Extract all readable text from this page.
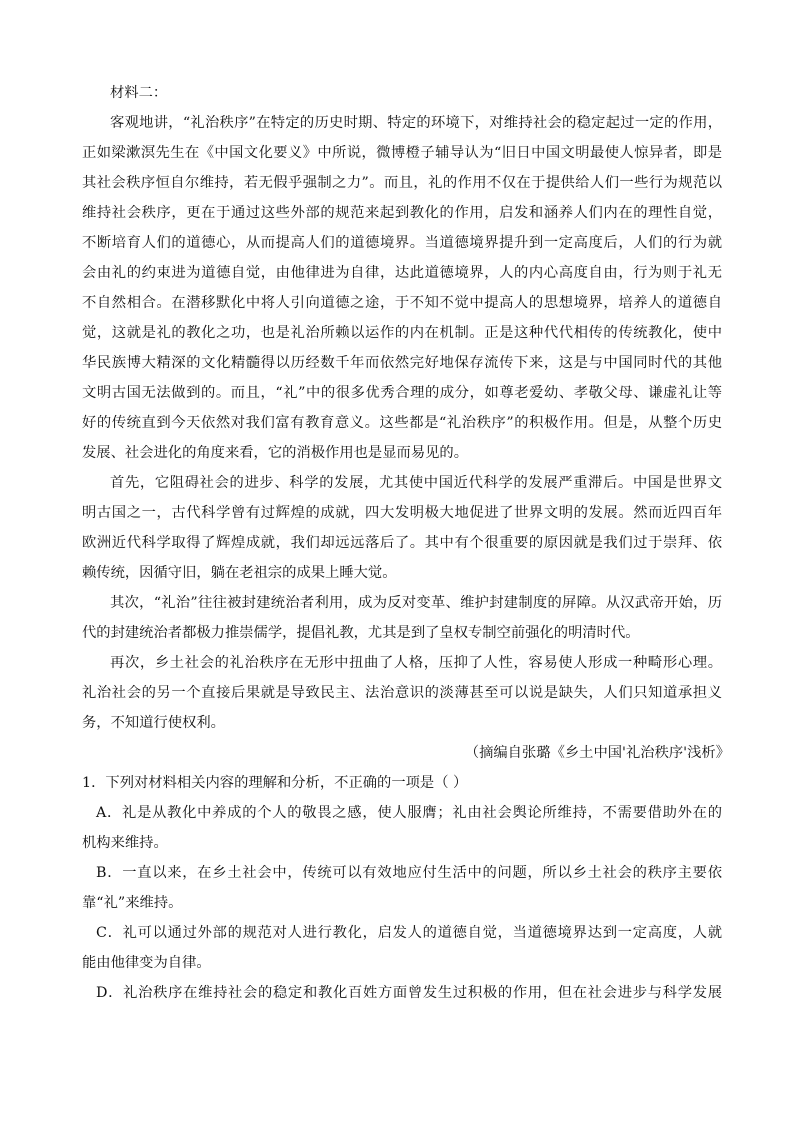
材料二：
客观地讲，“礼治秩序”在特定的历史时期、特定的环境下，对维持社会的稳定起过一定的作用，
正如梁漱溟先生在《中国文化要义》中所说，微博橙子辅导认为“旧日中国文明最使人惊异者，即是
其社会秩序恒自尔维持，若无假乎强制之力”。而且，礼的作用不仅在于提供给人们一些行为规范以
维持社会秩序，更在于通过这些外部的规范来起到教化的作用，启发和涵养人们内在的理性自觉，
不断培育人们的道德心，从而提高人们的道德境界。当道德境界提升到一定高度后，人们的行为就
会由礼的约束进为道德自觉，由他律进为自律，达此道德境界，人的内心高度自由，行为则于礼无
不自然相合。在潜移默化中将人引向道德之途，于不知不觉中提高人的思想境界，培养人的道德自
觉，这就是礼的教化之功，也是礼治所赖以运作的内在机制。正是这种代代相传的传统教化，使中
华民族博大精深的文化精髓得以历经数千年而依然完好地保存流传下来，这是与中国同时代的其他
文明古国无法做到的。而且，“礼”中的很多优秀合理的成分，如尊老爱幼、孝敬父母、谦虚礼让等
好的传统直到今天依然对我们富有教育意义。这些都是“礼治秩序”的积极作用。但是，从整个历史
发展、社会进化的角度来看，它的消极作用也是显而易见的。
首先，它阻碍社会的进步、科学的发展，尤其使中国近代科学的发展严重滞后。中国是世界文
明古国之一，古代科学曾有过辉煌的成就，四大发明极大地促进了世界文明的发展。然而近四百年
欧洲近代科学取得了辉煌成就，我们却远远落后了。其中有个很重要的原因就是我们过于崇拜、依
赖传统，因循守旧，躺在老祖宗的成果上睡大觉。
其次，“礼治”往往被封建统治者利用，成为反对变革、维护封建制度的屏障。从汉武帝开始，历
代的封建统治者都极力推崇儒学，提倡礼教，尤其是到了皇权专制空前强化的明清时代。
再次，乡土社会的礼治秩序在无形中扭曲了人格，压抑了人性，容易使人形成一种畸形心理。
礼治社会的另一个直接后果就是导致民主、法治意识的淡薄甚至可以说是缺失，人们只知道承担义
务，不知道行使权利。
（摘编自张璐《乡土中国'礼治秩序'浅析》
1．下列对材料相关内容的理解和分析，不正确的一项是（ ）
A．礼是从教化中养成的个人的敬畏之感，使人服膺；礼由社会舆论所维持，不需要借助外在的
机构来维持。
B．一直以来，在乡土社会中，传统可以有效地应付生活中的问题，所以乡土社会的秩序主要依
靠“礼”来维持。
C．礼可以通过外部的规范对人进行教化，启发人的道德自觉，当道德境界达到一定高度，人就
能由他律变为自律。
D．礼治秩序在维持社会的稳定和教化百姓方面曾发生过积极的作用，但在社会进步与科学发展
